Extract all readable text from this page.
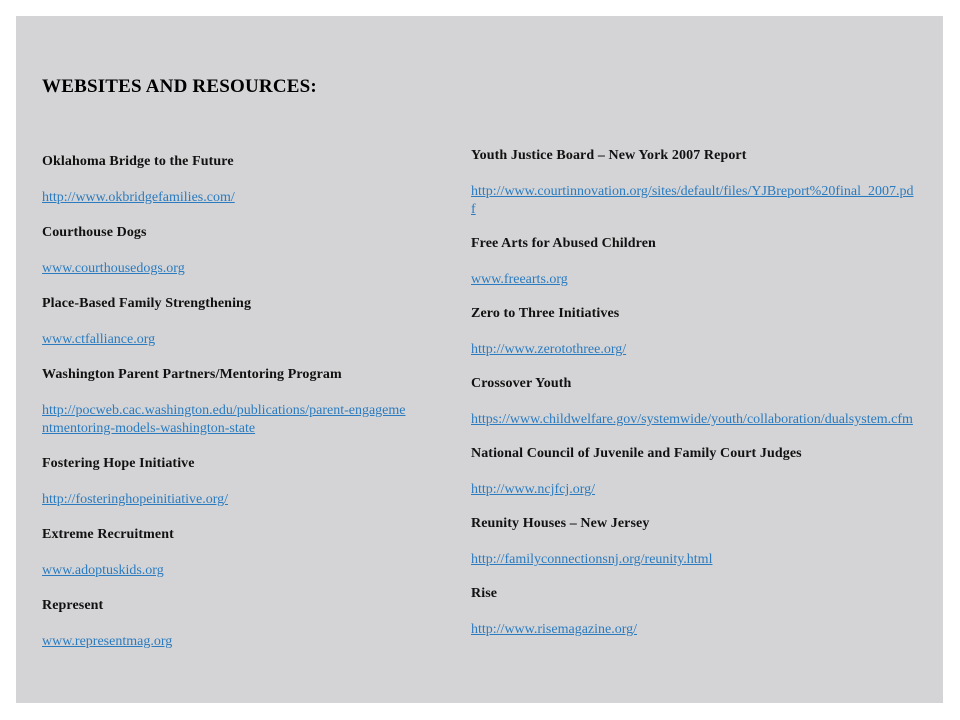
WEBSITES AND RESOURCES:
Oklahoma Bridge to the Future
http://www.okbridgefamilies.com/
Courthouse Dogs
www.courthousedogs.org
Place-Based Family Strengthening
www.ctfalliance.org
Washington Parent Partners/Mentoring Program
http://pocweb.cac.washington.edu/publications/parent-engagementmentoring-models-washington-state
Fostering Hope Initiative
http://fosteringhopeinitiative.org/
Extreme Recruitment
www.adoptuskids.org
Represent
www.representmag.org
Youth Justice Board – New York 2007 Report
http://www.courtinnovation.org/sites/default/files/YJBreport%20final_2007.pdf
Free Arts for Abused Children
www.freearts.org
Zero to Three Initiatives
http://www.zerotothree.org/
Crossover Youth
https://www.childwelfare.gov/systemwide/youth/collaboration/dualsystem.cfm
National Council of Juvenile and Family Court Judges
http://www.ncjfcj.org/
Reunity Houses – New Jersey
http://familyconnectionsnj.org/reunity.html
Rise
http://www.risemagazine.org/
